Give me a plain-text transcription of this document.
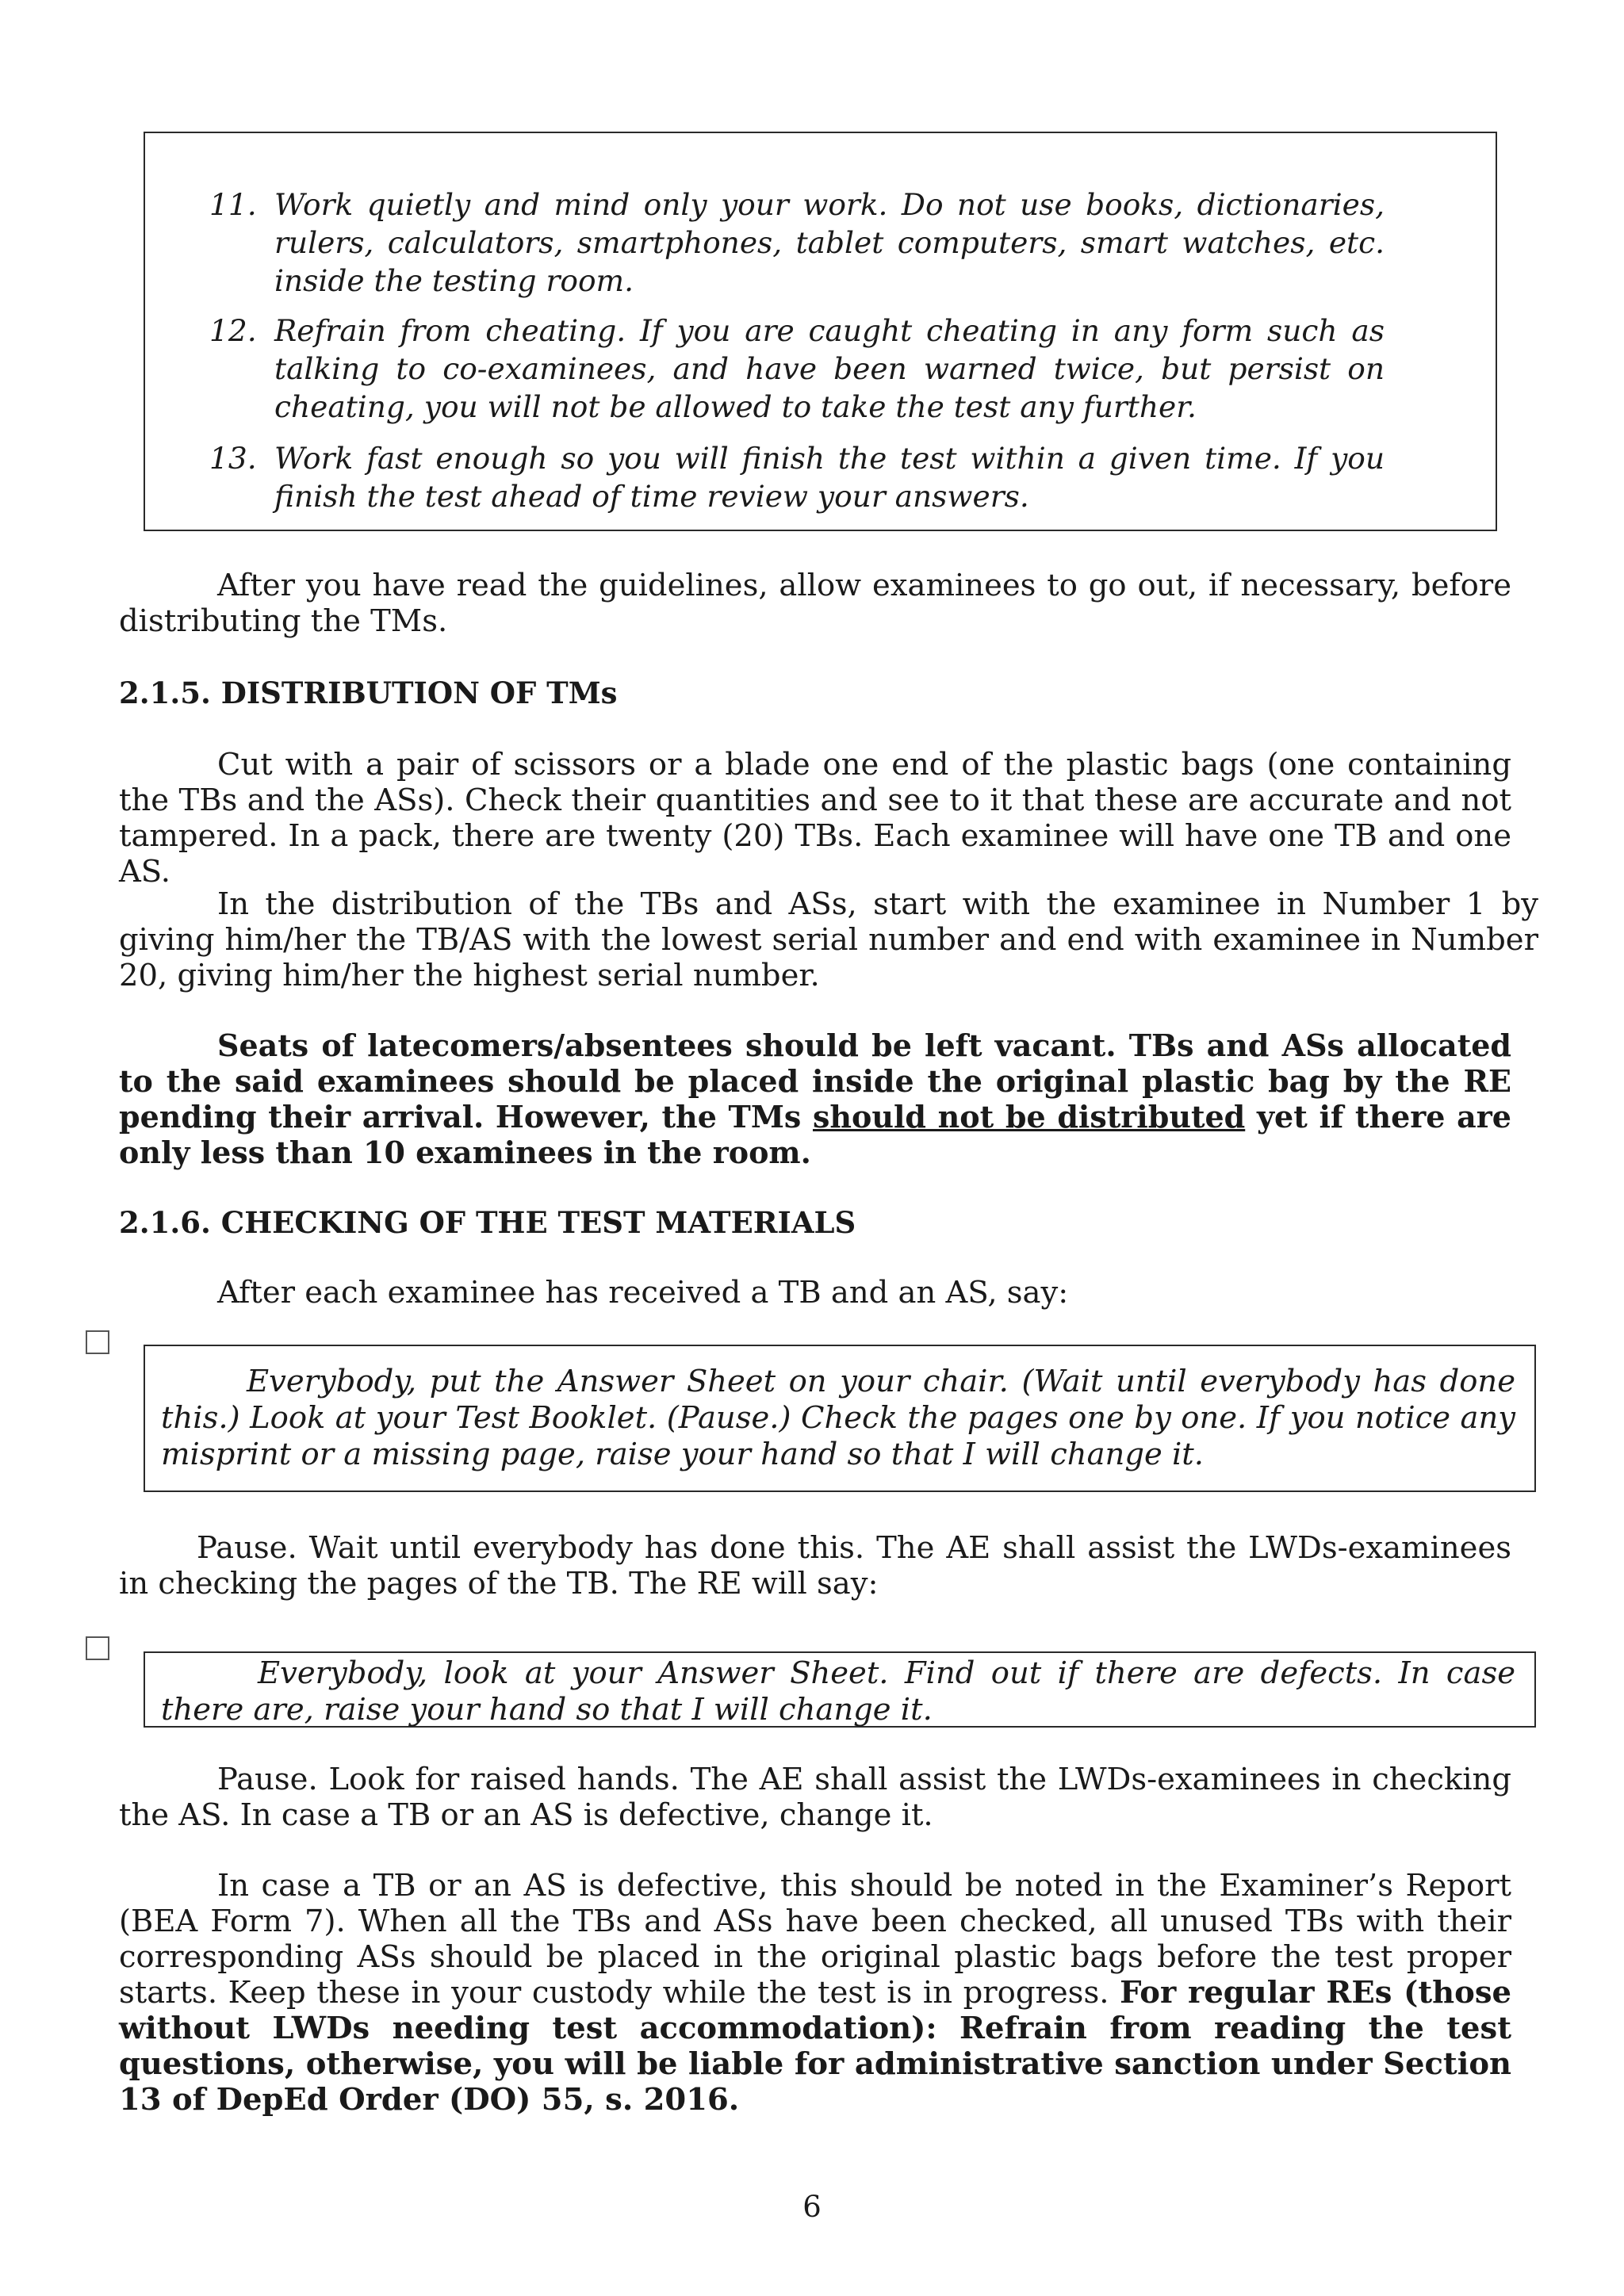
11. Work quietly and mind only your work. Do not use books, dictionaries, rulers, calculators, smartphones, tablet computers, smart watches, etc. inside the testing room.
12. Refrain from cheating. If you are caught cheating in any form such as talking to co-examinees, and have been warned twice, but persist on cheating, you will not be allowed to take the test any further.
13. Work fast enough so you will finish the test within a given time. If you finish the test ahead of time review your answers.

After you have read the guidelines, allow examinees to go out, if necessary, before distributing the TMs.

2.1.5. DISTRIBUTION OF TMs

Cut with a pair of scissors or a blade one end of the plastic bags (one containing the TBs and the ASs). Check their quantities and see to it that these are accurate and not tampered. In a pack, there are twenty (20) TBs. Each examinee will have one TB and one AS.

In the distribution of the TBs and ASs, start with the examinee in Number 1 by giving him/her the TB/AS with the lowest serial number and end with examinee in Number 20, giving him/her the highest serial number.

Seats of latecomers/absentees should be left vacant. TBs and ASs allocated to the said examinees should be placed inside the original plastic bag by the RE pending their arrival. However, the TMs should not be distributed yet if there are only less than 10 examinees in the room.

2.1.6. CHECKING OF THE TEST MATERIALS

After each examinee has received a TB and an AS, say:

Everybody, put the Answer Sheet on your chair. (Wait until everybody has done this.) Look at your Test Booklet. (Pause.) Check the pages one by one. If you notice any misprint or a missing page, raise your hand so that I will change it.

Pause. Wait until everybody has done this. The AE shall assist the LWDs-examinees in checking the pages of the TB. The RE will say:

Everybody, look at your Answer Sheet. Find out if there are defects. In case there are, raise your hand so that I will change it.

Pause. Look for raised hands. The AE shall assist the LWDs-examinees in checking the AS. In case a TB or an AS is defective, change it.

In case a TB or an AS is defective, this should be noted in the Examiner’s Report (BEA Form 7). When all the TBs and ASs have been checked, all unused TBs with their corresponding ASs should be placed in the original plastic bags before the test proper starts. Keep these in your custody while the test is in progress. For regular REs (those without LWDs needing test accommodation): Refrain from reading the test questions, otherwise, you will be liable for administrative sanction under Section 13 of DepEd Order (DO) 55, s. 2016.

6
